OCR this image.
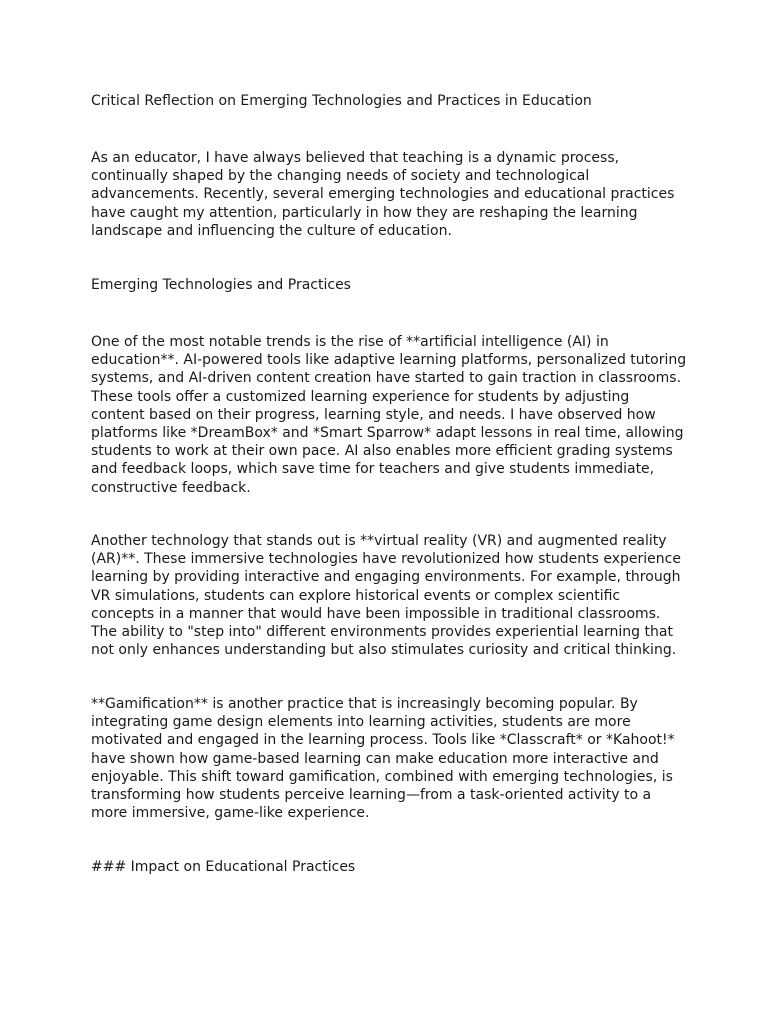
Critical Reflection on Emerging Technologies and Practices in Education

As an educator, I have always believed that teaching is a dynamic process,
continually shaped by the changing needs of society and technological
advancements. Recently, several emerging technologies and educational practices
have caught my attention, particularly in how they are reshaping the learning
landscape and influencing the culture of education.

Emerging Technologies and Practices

One of the most notable trends is the rise of **artificial intelligence (AI) in
education**. AI-powered tools like adaptive learning platforms, personalized tutoring
systems, and AI-driven content creation have started to gain traction in classrooms.
These tools offer a customized learning experience for students by adjusting
content based on their progress, learning style, and needs. I have observed how
platforms like *DreamBox* and *Smart Sparrow* adapt lessons in real time, allowing
students to work at their own pace. AI also enables more efficient grading systems
and feedback loops, which save time for teachers and give students immediate,
constructive feedback.

Another technology that stands out is **virtual reality (VR) and augmented reality
(AR)**. These immersive technologies have revolutionized how students experience
learning by providing interactive and engaging environments. For example, through
VR simulations, students can explore historical events or complex scientific
concepts in a manner that would have been impossible in traditional classrooms.
The ability to "step into" different environments provides experiential learning that
not only enhances understanding but also stimulates curiosity and critical thinking.

**Gamification** is another practice that is increasingly becoming popular. By
integrating game design elements into learning activities, students are more
motivated and engaged in the learning process. Tools like *Classcraft* or *Kahoot!*
have shown how game-based learning can make education more interactive and
enjoyable. This shift toward gamification, combined with emerging technologies, is
transforming how students perceive learning—from a task-oriented activity to a
more immersive, game-like experience.

### Impact on Educational Practices
